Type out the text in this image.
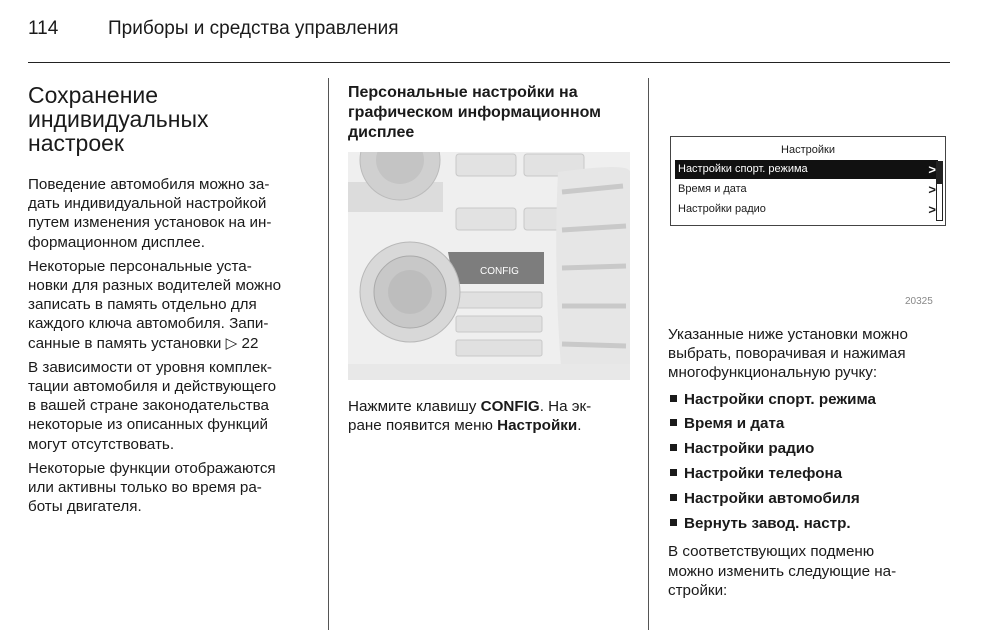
114	Приборы и средства управления
Сохранение
индивидуальных
настроек

Поведение автомобиля можно за-
дать индивидуальной настройкой
путем изменения установок на ин-
формационном дисплее.

Некоторые персональные уста-
новки для разных водителей можно
записать в память отдельно для
каждого ключа автомобиля. Запи-
санные в память установки ▷ 22

В зависимости от уровня комплек-
тации автомобиля и действующего
в вашей стране законодательства
некоторые из описанных функций
могут отсутствовать.

Некоторые функции отображаются
или активны только во время ра-
боты двигателя.

Персональные настройки на
графическом информационном
дисплее
CONFIG
Нажмите клавишу CONFIG. На эк-
ране появится меню Настройки.
Настройки
Настройки спорт. режима	>
Время и дата	>
Настройки радио	>
20325

Указанные ниже установки можно
выбрать, поворачивая и нажимая
многофункциональную ручку:

Настройки спорт. режима
Время и дата
Настройки радио
Настройки телефона
Настройки автомобиля
Вернуть завод. настр.

В соответствующих подменю
можно изменить следующие на-
стройки:
